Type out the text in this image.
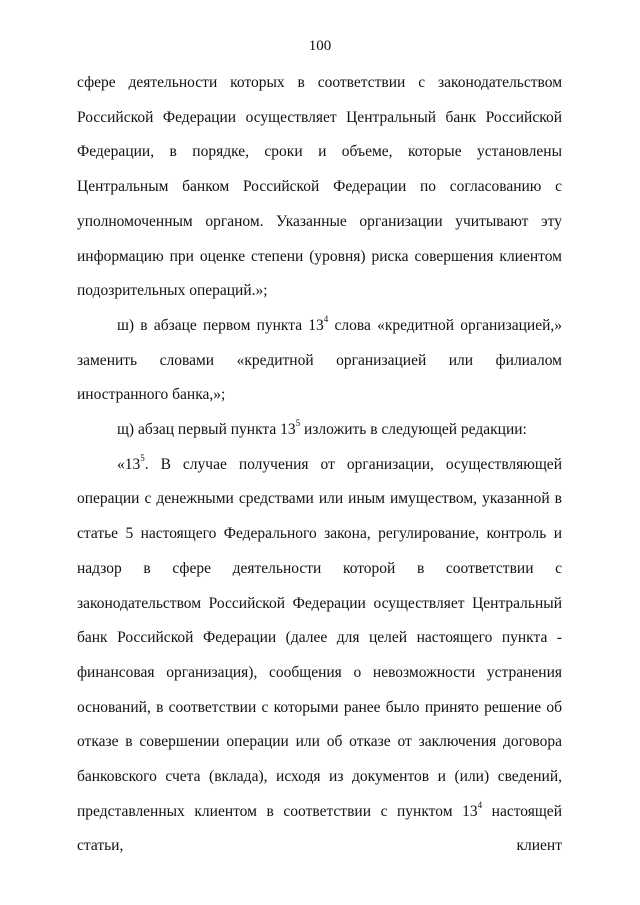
100

сфере деятельности которых в соответствии с законодательством Российской Федерации осуществляет Центральный банк Российской Федерации, в порядке, сроки и объеме, которые установлены Центральным банком Российской Федерации по согласованию с уполномоченным органом. Указанные организации учитывают эту информацию при оценке степени (уровня) риска совершения клиентом подозрительных операций.»;

ш) в абзаце первом пункта $13^4$ слова «кредитной организацией,» заменить словами «кредитной организацией или филиалом иностранного банка,»;

щ) абзац первый пункта $13^5$ изложить в следующей редакции:

«$13^5$. В случае получения от организации, осуществляющей операции с денежными средствами или иным имуществом, указанной в статье 5 настоящего Федерального закона, регулирование, контроль и надзор в сфере деятельности которой в соответствии с законодательством Российской Федерации осуществляет Центральный банк Российской Федерации (далее для целей настоящего пункта - финансовая организация), сообщения о невозможности устранения оснований, в соответствии с которыми ранее было принято решение об отказе в совершении операции или об отказе от заключения договора банковского счета (вклада), исходя из документов и (или) сведений, представленных клиентом в соответствии с пунктом $13^4$ настоящей статьи, клиент
